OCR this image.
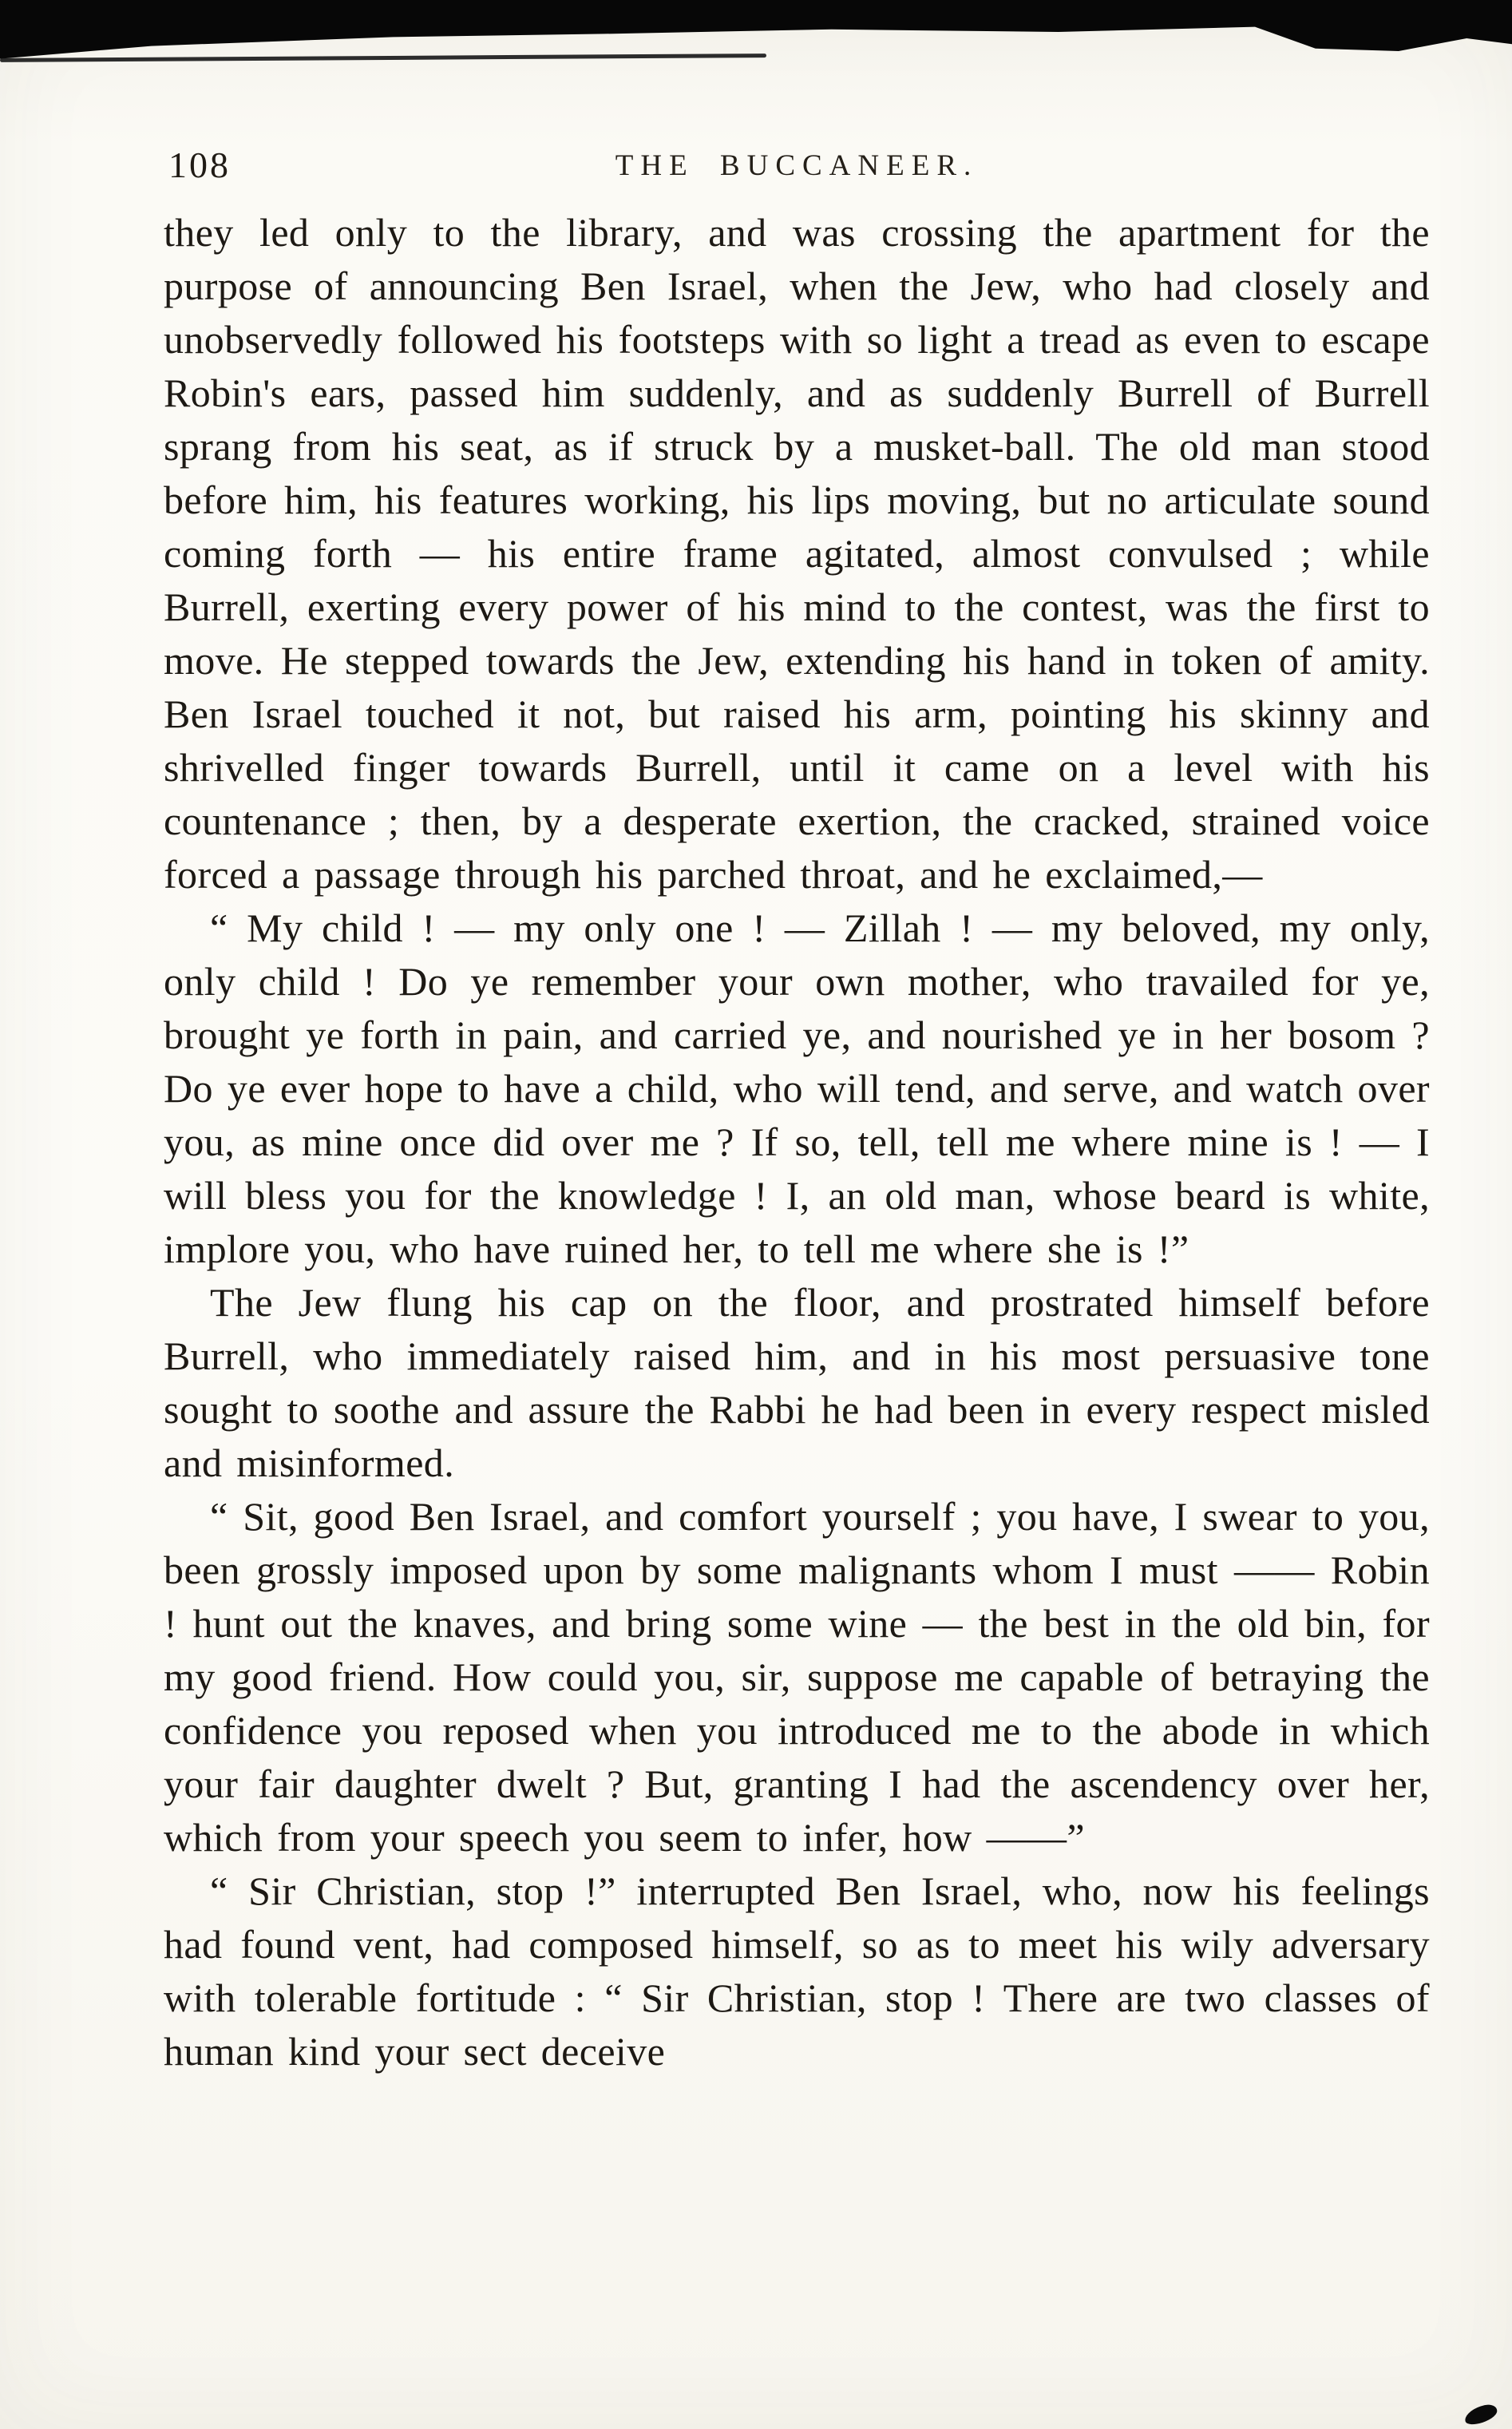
108	THE BUCCANEER.

they led only to the library, and was crossing the apartment for the purpose of announcing Ben Israel, when the Jew, who had closely and unobservedly followed his footsteps with so light a tread as even to escape Robin's ears, passed him suddenly, and as suddenly Burrell of Burrell sprang from his seat, as if struck by a musket-ball. The old man stood before him, his features working, his lips moving, but no articulate sound coming forth — his entire frame agitated, almost convulsed ; while Burrell, exerting every power of his mind to the contest, was the first to move. He stepped towards the Jew, extending his hand in token of amity. Ben Israel touched it not, but raised his arm, pointing his skinny and shrivelled finger towards Burrell, until it came on a level with his countenance ; then, by a desperate exertion, the cracked, strained voice forced a passage through his parched throat, and he exclaimed,—

“ My child ! — my only one ! — Zillah ! — my beloved, my only, only child ! Do ye remember your own mother, who travailed for ye, brought ye forth in pain, and carried ye, and nourished ye in her bosom ? Do ye ever hope to have a child, who will tend, and serve, and watch over you, as mine once did over me ? If so, tell, tell me where mine is ! — I will bless you for the knowledge ! I, an old man, whose beard is white, implore you, who have ruined her, to tell me where she is !”

The Jew flung his cap on the floor, and prostrated himself before Burrell, who immediately raised him, and in his most persuasive tone sought to soothe and assure the Rabbi he had been in every respect misled and misinformed.

“ Sit, good Ben Israel, and comfort yourself ; you have, I swear to you, been grossly imposed upon by some malignants whom I must —— Robin ! hunt out the knaves, and bring some wine — the best in the old bin, for my good friend. How could you, sir, suppose me capable of betraying the confidence you reposed when you introduced me to the abode in which your fair daughter dwelt ? But, granting I had the ascendency over her, which from your speech you seem to infer, how ——”

“ Sir Christian, stop !” interrupted Ben Israel, who, now his feelings had found vent, had composed himself, so as to meet his wily adversary with tolerable fortitude : “ Sir Christian, stop ! There are two classes of human kind your sect deceive
